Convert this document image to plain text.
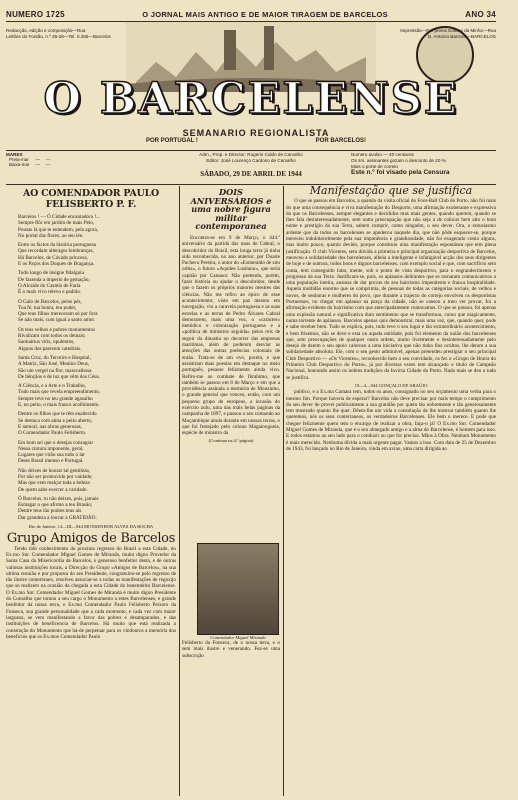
NUMERO 1725	O JORNAL MAIS ANTIGO E DE MAIOR TIRAGEM DE BARCELOS	ANO 34
Redacção, edição e composição—Rua
Leitões do Fontão, n.º 26-28—Tel. 0.255—Barcelos
Impressão—Em prelos Editora da Minho—Rua
D. Antonio Barroso—BARCELOS
O BARCELENSE
SEMANARIO REGIONALISTA
POR PORTUGAL !	POR BARCELOS!
MARES
Preia-mar	—	—
Baixa-mar	—	—
Adm., Prop. e Director: Rogerio Caldo de Carvalho
Editor: José Lourenço Cardoso de Carvalho
SÁBADO, 29 DE ABRIL DE 1944
Numero avulso — 40 centavos
Os srs. assinantes gozam o desconto de 20 %.
Mais o porte de correio
Este n.º foi visado pela Censura
AO COMENDADOR PAULO FELISBERTO P. F.

Barcelos ! — Ó Cidade encantadora !...
Sempre flôr em jardim de mais Pelo,
Pousas lá que te entendem, pela agora,
No portal das flores, ao seu léu.

Entre os factos da história portuguesa
Que recordam alteragos lembranças,
Há Barcelos, de Cávado princesa,
E os Paços dos Duques de Bragança.

Todo longo de insigne fidalguia
De fazenda a imperio de gemação,
O Alcaide do Castelo de Faria
É o mais vivo relevo e padrão.

O Galo de Barcelos, pelos pés,
Tua fé, tua honra, teu poder,
Que teus filhos mereceram só por fora
Se não mais, com igual a santo amor.

Os teus velhos e pobres monumentos
Rivalizam com todos os demais;
Santuários viris, opulentos,
Alguns dos parecem catedrais.

Santa Cruz, do Terceiro e Hospital,
A Matriz, São José, Menino Deus,
São um vergel na flor, maravalhosa
De bênçãos e de luz que vêm dos Céus.

A Ciência, e a Arte e o Trabalho,
Tudo mais que revela empreendimento,
Sempre teve no teu grande agasalho
E, no peito, o mais franco acolhimento.

Dentre os filhos que te têm enaltecido
Se destaca com alma e peito aberto,
E natural, nas obras generosas,
O Comendador Paulo Felisberto.

Em bom sei que o desejas consagrar
Nessa cintura imponente, geral,
Lugares que virão sua tudo o lar
Deste Brasil imenso e Portugal.

Não deixes de honrar tal gentileza,
Por não ser promovido por vaidade;
Mas que vem realçar toda a beleza
De quem sabe exercer a caridade.

Ó Barcelos, tu não deixes, pois, jamais
Esmagar o que afirmo a teu Brasão;
Dentre teus tão podres teus ais
Dar grandeza a louvar a GRATIDÃO.

Rio de Janeiro, 14—III—944 MONSENHOR ALVES DA ROCHA
Grupo Amigos de Barcelos
Tendo tido conhecimento do proximo regresso do Brasil a esta Cidade, do Ex.mo Snr. Comendador Miguel Gomes de Miranda, muito digno Provedor da Santa Casa da Misericordia de Barcelos, o generoso benfeitor desta, e de outras valiosas instituições locais, a Direcção do Grupo «Amigos de Barcelos», na sua ultima reunião e por proposta do seu Presidente, congratulou-se pelo regresso de tão ilustre conterraneo, resolveu associar-se a todas as manifestações de regozijo que se realizem na ocasião da chegada a esta Cidade do benemérito Barcelense. O Ex.mo Snr. Comendador Miguel Gomes de Miranda é muito digno Presidente do Conselho que tomou a seu cargo o Monumento a estes Barcelenses, e grande benfeitor da nossa terra, e Ex.mo Comendador Paulo Felisberto Peixoto da Fonseca, sua grande personalidade que a cada momento, e cada vez com maior largueza, se vem manifestando a favor das pobres e desamparados, e das instituições de beneficencia de Barcelos. Há muito que está realizada a construção do Monumento que há-de perpetuar para os vindouros a memória dos benefícios que os Ex.mos Comendador Paulo
DOIS ANIVERSÁRIOS e uma nobre figura militar contemporanea
Encontra-se em 9 de Março, o 444.º aniversário da partida das naus de Cabral, o descobridor do Brasil, esta longa terra já tinha sido reconhecida, no ano anterior, por Duarte Pacheco Pereira, o autor do «Esmeraldo de situ orbis», o futuro «Aquiles Lusitano», que seria capitão por Cananor. Não pretendo, porém, fazer história ou ajudar o descobridor, desde que o fazem os próprios maiores mestres das ciências. Não me refiro ao épico de esse acontecimento; visto em paz mesmo em navegação, viu a caravela portuguesa e as suas estrelas e as terras de Pedro Álvares Cabral demorarem, mais uma vez, o «carácter» metódico e colonização portuguesa e a «politica de ministros seguida» pelos reis de seguir da dinastia no decorrer das empresas marítimas, além de poderem desviar as atenções das outras potências coloniais de então. Trata-se de um ovo, porém, e que assistiram duas poesias em destaque no meio português, pesasse felizmente ainda vivo. Refiro-me ao combate de Ibrahimo, que também se passou em 8 de Março e em que a providência assinala a memória de Mouzinho, o grande general que venceu, então, com um pequeno grupo de europeus, a invasão do exército zulu, uma das mais belas páginas da campanha de 1897, e passou o seu comando ao Moçambique ainda durante em nossas terras, o que foi festejado pelo colono Magaiongueia, espécie de ministro da
(Continua na 4.ª página)
Comendador Miguel Miranda
Felisberto da Fonseca, de o nossa terra, e o sem mais ilustre e venerando. Fez-se uma subscrição
Manifestação que se justifica
O que se passou em Barcelos, a quando da visita oficial do Foot-Ball Club do Porto, não foi mais do que uma consequência e viva manifestação do Desporto, uma afirmação exuberante e expressiva da que os Barcelenses, sempre elegantes e decididos mas mais gentes, quando querem, quando se lhes fala desinteressadamente, sem outra preocupação que não seja a de colocar bem alto o bom nome e prestígio da sua Terra, sabem cumprir, como ninguém, o seu dever. Ora, o entusiasmo ardente que da todos os barcelenses se apoderou naquele dia, que não pôde esquecer-se, porque mereceu indubitavelmente pela sua imponência e grandiosidade, não foi exagerado como alguns, mas muito pouco, quanto devido, porque constituiu uma manifestação espontânea que tem plena justificação. O club Vicentes, sem dúvida a primeira e principal organização desportiva de Barcelos, mereceu a solidariedade dos barcelenses, alheia a inteligente e infatigável acção dos seus dirigentes de hoje e de outrora, todos bons e dignos barcelenses, com exemplo social e que, com sacrifício sem conta, tem conseguido lutar, mente, sob o ponto de vista desportivo, para o engrandecimento e progresso da sua Terra. Justificam-se, pois, os aplausos delirantes que se tornaram comunicativos a uma população inteira, ansiosa de dar provas do seu bairrismo impenitente e franca hospitalidade. Aquela multidão enorme que se comprimia, de pessoas de todas as categorias sociais, de velhos e novos, de senhoras e mulheres do povo, que durante a trajecto do cortejo envolveu os desportistas Portuenses, no chegar em aplauso na praça da cidade, não se cansou a meu ver provar, foi a afirmação evidente do bairrismo com que antecipadamente contavamos. O que se passou, foi apenas uma explosão natural e significativa dum sentimento que se transformou, como que magicamente, numa torrente de aplausos. Barcelos apenas quis demonstrar, mais uma vez, que, quando quer, pode e sabe receber bem. Tudo se explica, pois, tudo teve o seu lugar e tão extraordinário acontecimento, e bem frisemos, não se deve e esta ou aquela entidade, pois foi elemento da união dos barcelenses que, sem preocupações de qualquer outra ordem, muito livremente e desinteressadamente pelo desejo de darem o seu apoio caloroso a uma iniciativa que não tinha fins ocultos, lhe deram a sua solidariedade absoluta. Ele, com o seu gesto admirável, apenas pretendeu prestigiar o seu principal Club Desportivo — «Os Vicentes», reconhecido bem o seu convidado, os fez o «Grupo de Honra do Primeiro Club Desportivo do Porto», já por diversas vezes tem alcançado o título de Campeão Nacional, honrando assim os nobres tradições da Invicta Cidade do Porto. Nada mais se deu a tudo se justifica.
19—4—944 GONÇALO DE ARAÚJO
publico, e a Ex.ma Camara tem, todos os anos, consignado no seu orçamento uma verba para o mesmo fim. Porque haveria de esperar? Barcelos não deve precisar por mais tempo o cumprimento do seu dever de prover publicamente a sua gratidão por quem tão nobremente e tão generosamente tem mostrado quanto lhe quer. Dêem-lhe um vida a consolação de lhe mostrar também quanto lhe queremos, nós os seus conterraneos, os verdadeiros Barcelenses. Ele bem o merece. E pode que chegue felizmente quem tem o encargo de realizar a obra, faça-o já! O Ex.mo Snr. Comendador Miguel Gomes de Miranda, que é o seu abnegado amigo e a alma do Barcelense, é homem para isso. E todos estamos ao seu lado para o conduzir ao que for preciso. Mãos à Obra. Nenhum Monumento é mais merecido. Nenhuma dívida a mais urgente pagar. Vamos a isso. Com data de 25 de Dezembro de 1943, foi lançado no Rio de Janeiro, vinda em aviao, uma carta dirigida ao
